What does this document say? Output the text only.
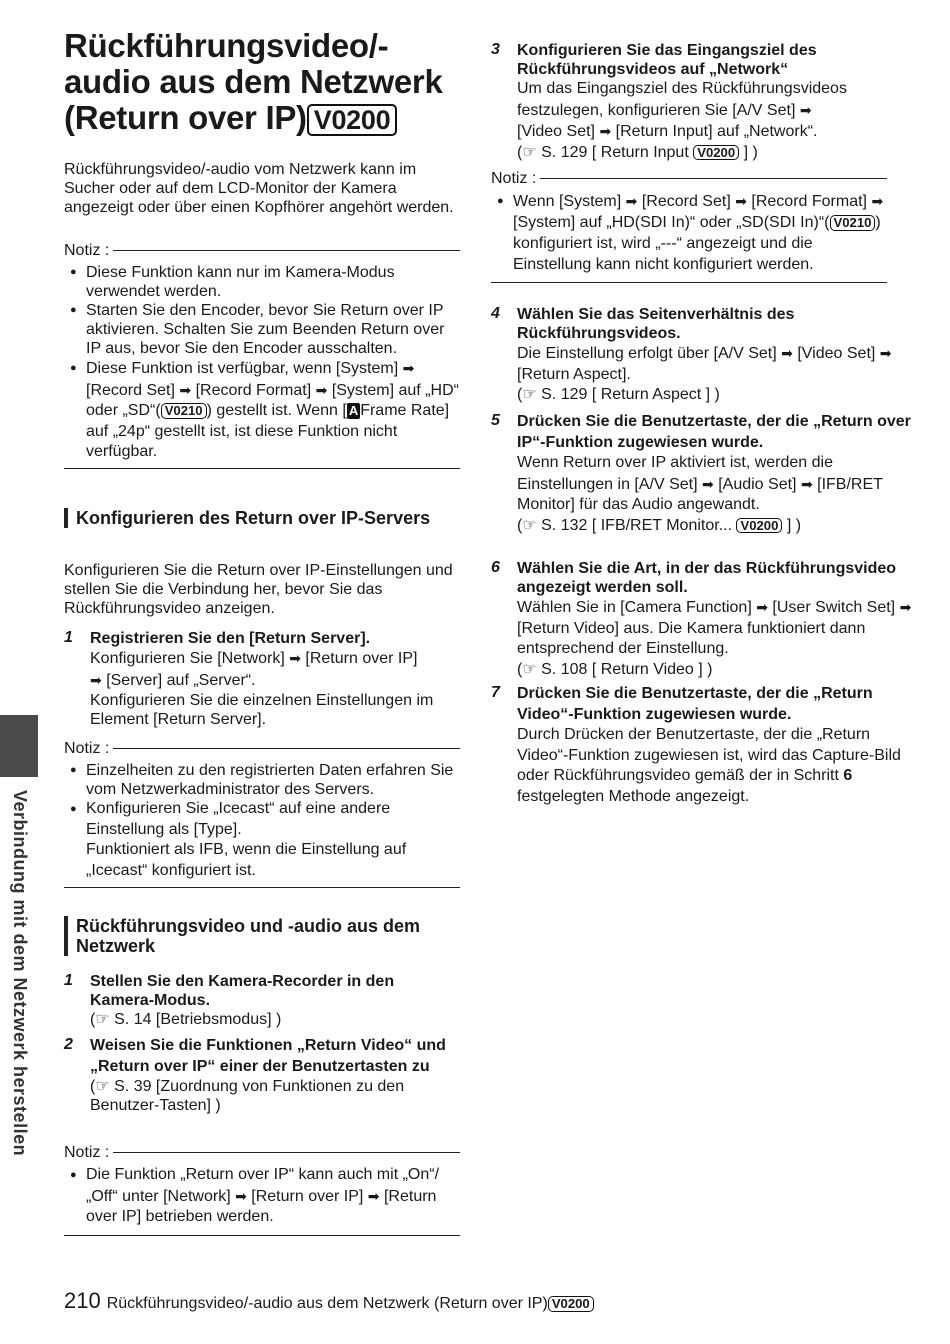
Rückführungsvideo/-
audio aus dem Netzwerk
(Return over IP) V0200

Rückführungsvideo/-audio vom Netzwerk kann im Sucher oder auf dem LCD-Monitor der Kamera angezeigt oder über einen Kopfhörer angehört werden.

Notiz :
● Diese Funktion kann nur im Kamera-Modus verwendet werden.
● Starten Sie den Encoder, bevor Sie Return over IP aktivieren. Schalten Sie zum Beenden Return over IP aus, bevor Sie den Encoder ausschalten.
● Diese Funktion ist verfügbar, wenn [System] ➡ [Record Set] ➡ [Record Format] ➡ [System] auf „HD“ oder „SD“( V0210 ) gestellt ist. Wenn [ A Frame Rate] auf „24p“ gestellt ist, ist diese Funktion nicht verfügbar.
Konfigurieren des Return over IP-Servers

Konfigurieren Sie die Return over IP-Einstellungen und stellen Sie die Verbindung her, bevor Sie das Rückführungsvideo anzeigen.

1 Registrieren Sie den [Return Server].
Konfigurieren Sie [Network] ➡ [Return over IP]
➡ [Server] auf „Server“.
Konfigurieren Sie die einzelnen Einstellungen im Element [Return Server].
Notiz :
● Einzelheiten zu den registrierten Daten erfahren Sie vom Netzwerkadministrator des Servers.
● Konfigurieren Sie „Icecast“ auf eine andere Einstellung als [Type].
Funktioniert als IFB, wenn die Einstellung auf „Icecast“ konfiguriert ist.
Rückführungsvideo und -audio aus dem Netzwerk
1 Stellen Sie den Kamera-Recorder in den Kamera-Modus.
(☞ S. 14 [Betriebsmodus] )
2 Weisen Sie die Funktionen „Return Video“ und „Return over IP“ einer der Benutzertasten zu
(☞ S. 39 [Zuordnung von Funktionen zu den Benutzer-Tasten] )
Notiz :
● Die Funktion „Return over IP“ kann auch mit „On“/„Off“ unter [Network] ➡ [Return over IP] ➡ [Return over IP] betrieben werden.
3 Konfigurieren Sie das Eingangsziel des Rückführungsvideos auf „Network“
Um das Eingangsziel des Rückführungsvideos festzulegen, konfigurieren Sie [A/V Set] ➡
[Video Set] ➡ [Return Input] auf „Network“.
(☞ S. 129 [ Return Input V0200 ] )
Notiz :
● Wenn [System] ➡ [Record Set] ➡ [Record Format] ➡ [System] auf „HD(SDI In)“ oder „SD(SDI In)“( V0210 ) konfiguriert ist, wird „---“ angezeigt und die Einstellung kann nicht konfiguriert werden.
4 Wählen Sie das Seitenverhältnis des Rückführungsvideos.
Die Einstellung erfolgt über [A/V Set] ➡ [Video Set] ➡ [Return Aspect].
(☞ S. 129 [ Return Aspect ] )
5 Drücken Sie die Benutzertaste, der die „Return over IP“-Funktion zugewiesen wurde.
Wenn Return over IP aktiviert ist, werden die Einstellungen in [A/V Set] ➡ [Audio Set] ➡ [IFB/RET Monitor] für das Audio angewandt.
(☞ S. 132 [ IFB/RET Monitor... V0200 ] )
6 Wählen Sie die Art, in der das Rückführungsvideo angezeigt werden soll.
Wählen Sie in [Camera Function] ➡ [User Switch Set] ➡ [Return Video] aus. Die Kamera funktioniert dann entsprechend der Einstellung.
(☞ S. 108 [ Return Video ] )
7 Drücken Sie die Benutzertaste, der die „Return Video“-Funktion zugewiesen wurde.
Durch Drücken der Benutzertaste, der die „Return Video“-Funktion zugewiesen ist, wird das Capture-Bild oder Rückführungsvideo gemäß der in Schritt 6 festgelegten Methode angezeigt.
Verbindung mit dem Netzwerk herstellen
210 Rückführungsvideo/-audio aus dem Netzwerk (Return over IP) V0200
